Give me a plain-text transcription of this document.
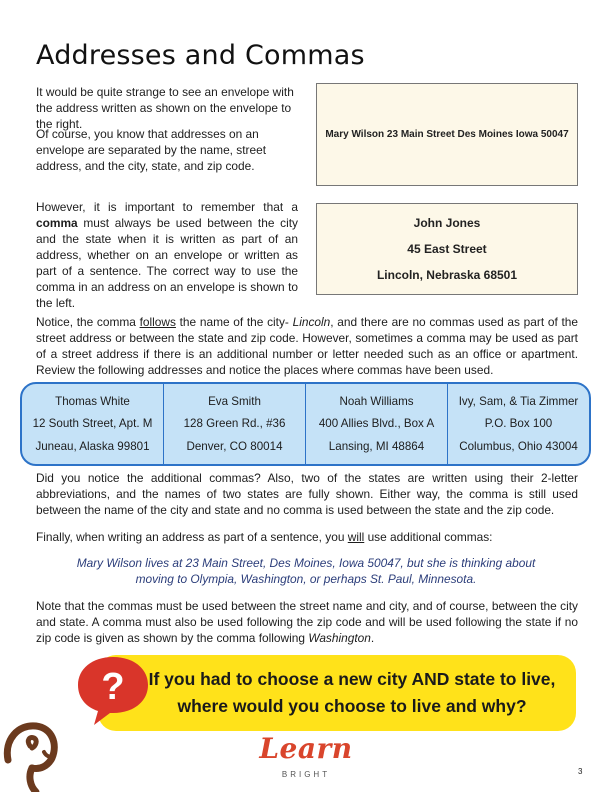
Addresses and Commas

It would be quite strange to see an envelope with the address written as shown on the envelope to the right.

Of course, you know that addresses on an envelope are separated by the name, street address, and the city, state, and zip code.

However, it is important to remember that a comma must always be used between the city and the state when it is written as part of an address, whether on an envelope or written as part of a sentence. The correct way to use the comma in an address on an envelope is shown to the left.

Mary Wilson 23 Main Street Des Moines Iowa 50047
John Jones
45 East Street
Lincoln, Nebraska 68501

Notice, the comma follows the name of the city- Lincoln, and there are no commas used as part of the street address or between the state and zip code. However, sometimes a comma may be used as part of a street address if there is an additional number or letter needed such as an office or apartment. Review the following addresses and notice the places where commas have been used.

Thomas White
12 South Street, Apt. M
Juneau, Alaska 99801
Eva Smith
128 Green Rd., #36
Denver, CO 80014
Noah Williams
400 Allies Blvd., Box A
Lansing, MI 48864
Ivy, Sam, & Tia Zimmer
P.O. Box 100
Columbus, Ohio 43004

Did you notice the additional commas? Also, two of the states are written using their 2-letter abbreviations, and the names of two states are fully shown. Either way, the comma is still used between the name of the city and state and no comma is used between the state and the zip code.

Finally, when writing an address as part of a sentence, you will use additional commas:

Mary Wilson lives at 23 Main Street, Des Moines, Iowa 50047, but she is thinking about moving to Olympia, Washington, or perhaps St. Paul, Minnesota.

Note that the commas must be used between the street name and city, and of course, between the city and state. A comma must also be used following the zip code and will be used following the state if no zip code is given as shown by the comma following Washington.

If you had to choose a new city AND state to live, where would you choose to live and why?
?
Learn
BRIGHT	3
